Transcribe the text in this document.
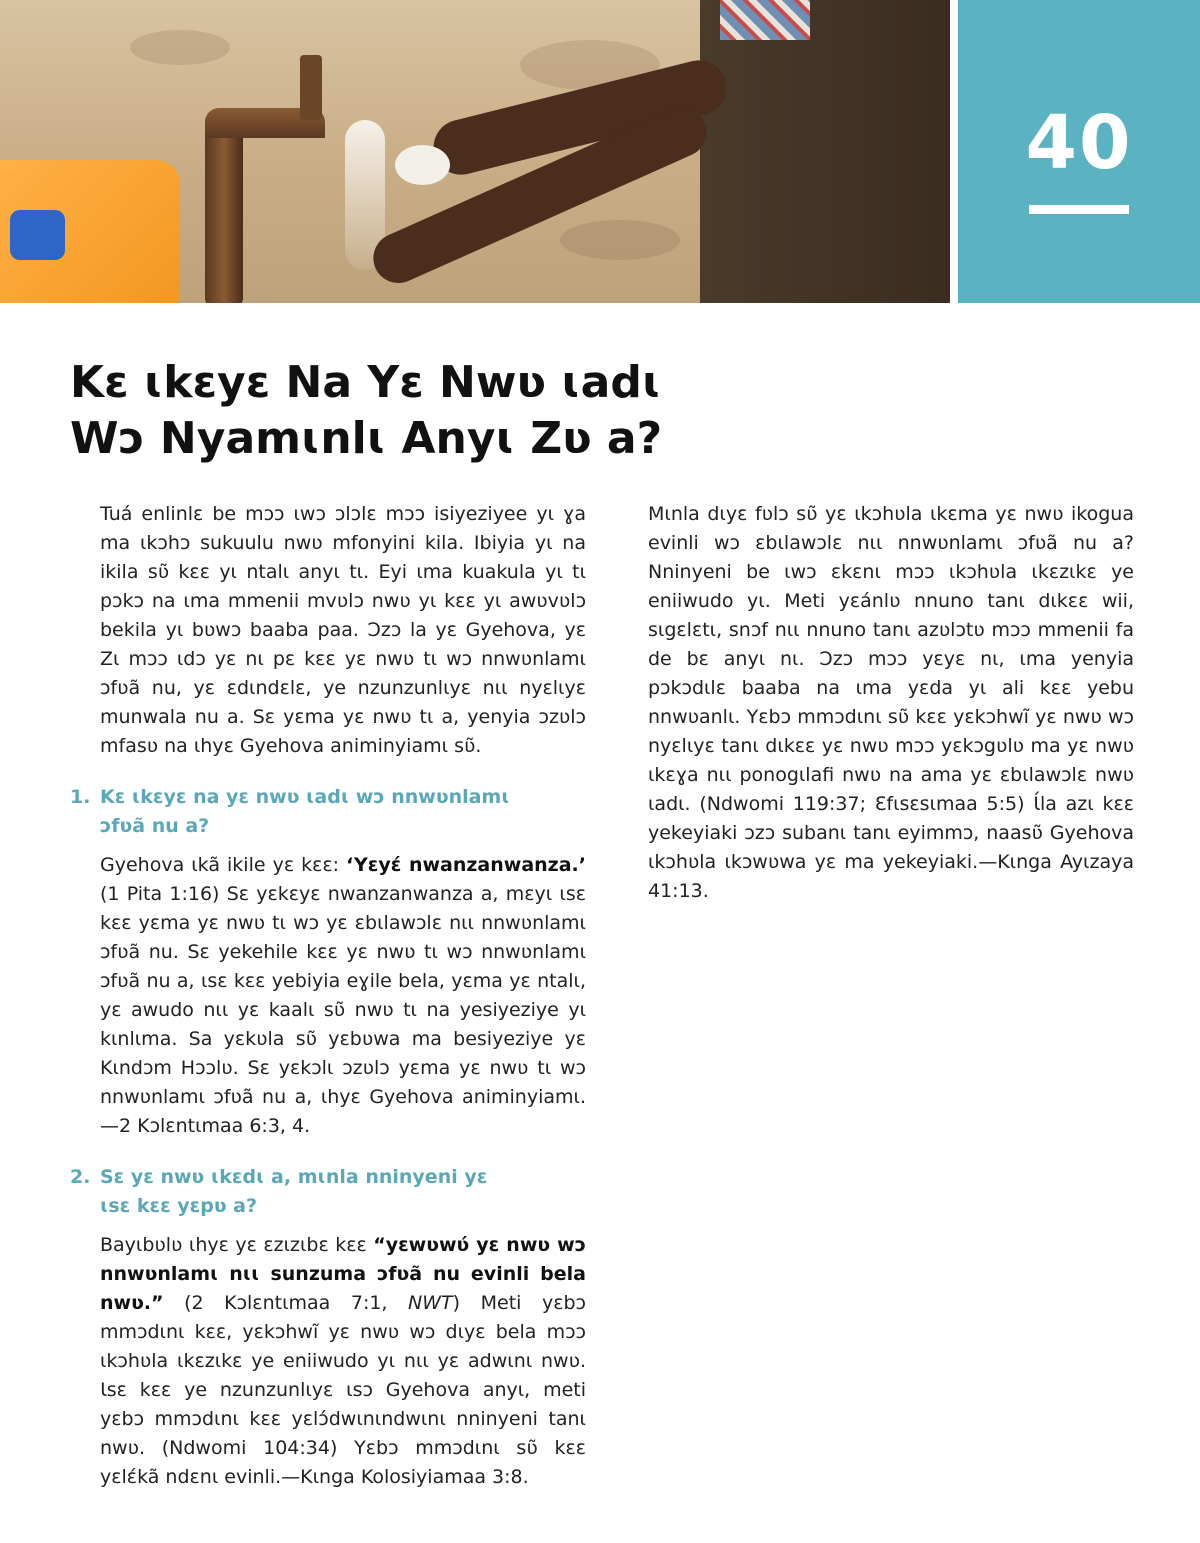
40
Kɛ ɩkɛyɛ Na Yɛ Nwʋ ɩadɩ
Wɔ Nyamɩnlɩ Anyɩ Zʋ a?

Tuá enlinlɛ be mɔɔ ɩwɔ ɔlɔlɛ mɔɔ isiyeziyee yɩ ɣa ma ɩkɔhɔ sukuulu nwʋ mfonyini kila. Ibiyia yɩ na ikila sʋ̃ kɛɛ yɩ ntalɩ anyɩ tɩ. Eyi ɩma kuakula yɩ tɩ pɔkɔ na ɩma mmenii mvʋlɔ nwʋ yɩ kɛɛ yɩ awʋvʋlɔ bekila yɩ bʋwɔ baaba paa. Ɔzɔ la yɛ Gyehova, yɛ Zɩ mɔɔ ɩdɔ yɛ nɩ pɛ kɛɛ yɛ nwʋ tɩ wɔ nnwʋnlamɩ ɔfʋã nu, yɛ ɛdɩndɛlɛ, ye nzunzunlɩyɛ nɩɩ nyɛlɩyɛ munwala nu a. Sɛ yɛma yɛ nwʋ tɩ a, yenyia ɔzʋlɔ mfasʋ na ɩhyɛ Gyehova animinyiamɩ sʋ̃.

1. Kɛ ɩkɛyɛ na yɛ nwʋ ɩadɩ wɔ nnwʋnlamɩ ɔfʋã nu a?

Gyehova ɩkã ikile yɛ kɛɛ: ‘Yɛyɛ́ nwanzanwanza.’ (1 Pita 1:16) Sɛ yɛkɛyɛ nwanzanwanza a, mɛyɩ ɩsɛ kɛɛ yɛma yɛ nwʋ tɩ wɔ yɛ ɛbɩlawɔlɛ nɩɩ nnwʋnlamɩ ɔfʋã nu. Sɛ yekehile kɛɛ yɛ nwʋ tɩ wɔ nnwʋnlamɩ ɔfʋã nu a, ɩsɛ kɛɛ yebiyia eɣile bela, yɛma yɛ ntalɩ, yɛ awudo nɩɩ yɛ kaalɩ sʋ̃ nwʋ tɩ na yesiyeziye yɩ kɩnlɩma. Sa yɛkʋla sʋ̃ yɛbʋwa ma besiyeziye yɛ Kɩndɔm Hɔɔlʋ. Sɛ yɛkɔlɩ ɔzʋlɔ yɛma yɛ nwʋ tɩ wɔ nnwʋnlamɩ ɔfʋã nu a, ɩhyɛ Gyehova animinyiamɩ.—2 Kɔlɛntɩmaa 6:3, 4.

2. Sɛ yɛ nwʋ ɩkɛdɩ a, mɩnla nninyeni yɛ ɩsɛ kɛɛ yɛpʋ a?

Bayɩbʋlʋ ɩhyɛ yɛ ɛzɩzɩbɛ kɛɛ “yɛwʋwʋ́ yɛ nwʋ wɔ nnwʋnlamɩ nɩɩ sunzuma ɔfʋã nu evinli bela nwʋ.” (2 Kɔlɛntɩmaa 7:1, NWT) Meti yɛbɔ mmɔdɩnɩ kɛɛ, yɛkɔhwĩ yɛ nwʋ wɔ dɩyɛ bela mɔɔ ɩkɔhʋla ɩkɛzɩkɛ ye eniiwudo yɩ nɩɩ yɛ adwɩnɩ nwʋ. Ɩsɛ kɛɛ ye nzunzunlɩyɛ ɩsɔ Gyehova anyɩ, meti yɛbɔ mmɔdɩnɩ kɛɛ yɛlɔ́dwɩnɩndwɩnɩ nninyeni tanɩ nwʋ. (Ndwomi 104:34) Yɛbɔ mmɔdɩnɩ sʋ̃ kɛɛ yɛlɛ́kã ndɛnɩ evinli.—Kɩnga Kolosiyiamaa 3:8.

Mɩnla dɩyɛ fʋlɔ sʋ̃ yɛ ɩkɔhʋla ɩkɛma yɛ nwʋ ikogua evinli wɔ ɛbɩlawɔlɛ nɩɩ nnwʋnlamɩ ɔfʋã nu a? Nninyeni be ɩwɔ ɛkɛnɩ mɔɔ ɩkɔhʋla ɩkɛzɩkɛ ye eniiwudo yɩ. Meti yɛánlʋ nnuno tanɩ dɩkɛɛ wii, sɩgɛlɛtɩ, snɔf nɩɩ nnuno tanɩ azʋlɔtʋ mɔɔ mmenii fa de bɛ anyɩ nɩ. Ɔzɔ mɔɔ yɛyɛ nɩ, ɩma yenyia pɔkɔdɩlɛ baaba na ɩma yɛda yɩ ali kɛɛ yebu nnwʋanlɩ. Yɛbɔ mmɔdɩnɩ sʋ̃ kɛɛ yɛkɔhwĩ yɛ nwʋ wɔ nyɛlɩyɛ tanɩ dɩkɛɛ yɛ nwʋ mɔɔ yɛkɔgʋlʋ ma yɛ nwʋ ɩkɛɣa nɩɩ ponogɩlafi nwʋ na ama yɛ ɛbɩlawɔlɛ nwʋ ɩadɩ. (Ndwomi 119:37; Ɛfɩsɛsɩmaa 5:5) Ɩ́la azɩ kɛɛ yekeyiaki ɔzɔ subanɩ tanɩ eyimmɔ, naasʋ̃ Gyehova ɩkɔhʋla ɩkɔwʋwa yɛ ma yekeyiaki.—Kɩnga Ayɩzaya 41:13.
